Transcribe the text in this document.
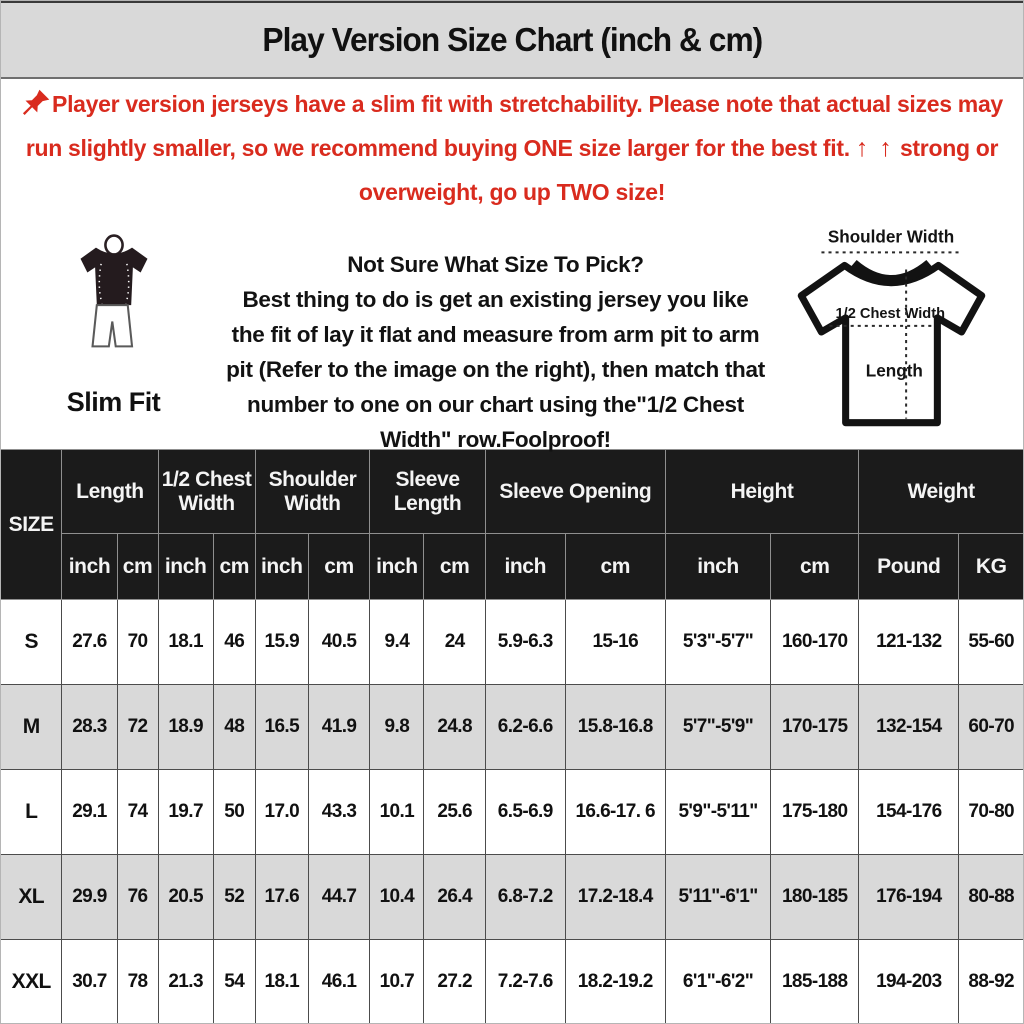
Play Version Size Chart (inch & cm)

Player version jerseys have a slim fit with stretchability. Please note that actual sizes may run slightly smaller, so we recommend buying ONE size larger for the best fit. ↑ ↑ strong or overweight, go up TWO size!

Slim Fit
Not Sure What Size To Pick?
Best thing to do is get an existing jersey you like the fit of lay it flat and measure from arm pit to arm pit (Refer to the image on the right), then match that number to one on our chart using the"1/2 Chest Width" row.Foolproof!
Shoulder Width
1/2 Chest Width
Length
SIZE	Length		1/2 Chest Width		Shoulder Width		Sleeve Length		Sleeve Opening		Height		Weight	
	inch	cm	inch	cm	inch	cm	inch	cm	inch	cm	inch	cm	Pound	KG
S	27.6	70	18.1	46	15.9	40.5	9.4	24	5.9-6.3	15-16	5'3"-5'7"	160-170	121-132	55-60
M	28.3	72	18.9	48	16.5	41.9	9.8	24.8	6.2-6.6	15.8-16.8	5'7"-5'9"	170-175	132-154	60-70
L	29.1	74	19.7	50	17.0	43.3	10.1	25.6	6.5-6.9	16.6-17. 6	5'9"-5'11"	175-180	154-176	70-80
XL	29.9	76	20.5	52	17.6	44.7	10.4	26.4	6.8-7.2	17.2-18.4	5'11"-6'1"	180-185	176-194	80-88
XXL	30.7	78	21.3	54	18.1	46.1	10.7	27.2	7.2-7.6	18.2-19.2	6'1"-6'2"	185-188	194-203	88-92
